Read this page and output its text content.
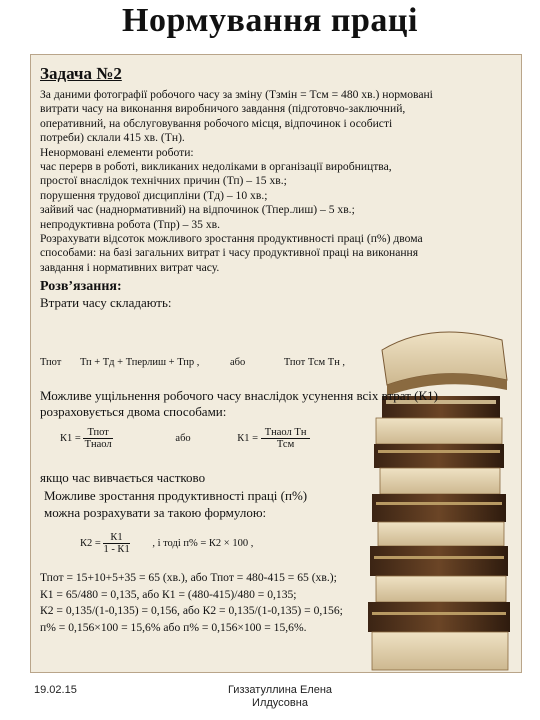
Нормування праці

Задача №2

За даними фотографії робочого часу за зміну (Тзмін = Тсм = 480 хв.) нормовані

витрати часу на виконання виробничого завдання (підготовчо-заключний,

оперативний, на обслуговування робочого місця, відпочинок і особисті

потреби) склали 415 хв. (Тн).

Ненормовані елементи роботи:

час перерв в роботі, викликаних недоліками в організації виробництва,

простої внаслідок технічних причин (Тп) – 15 хв.;

порушення трудової дисципліни (Тд) – 10 хв.;

зайвий час (наднормативний) на відпочинок (Тпер.лиш) – 5 хв.;

непродуктивна робота (Тпр) – 35 хв.

Розрахувати відсоток можливого зростання продуктивності праці (п%) двома

способами: на базі загальних витрат і часу продуктивної праці на виконання

завдання і нормативних витрат часу.

Розв’язання:

Втрати часу складають:

Тпот Тп + Тд + Тперлиш + Тпр ,	або	Тпот Тсм Тн ,
Можливе ущільнення робочого часу внаслідок усунення всіх втрат (К1) розраховується двома способами:
К1 =
Тпот
Тнаол
або	К1 =
Тнаол Тн
Тсм
якщо час вивчається частково
Можливе зростання продуктивності праці (п%)
можна розрахувати за такою формулою:
К2 =
К1
1 - К1
, і тоді п% = К2 × 100 ,
Тпот = 15+10+5+35 = 65 (хв.), або Тпот = 480-415 = 65 (хв.);
К1 = 65/480 = 0,135, або К1 = (480-415)/480 = 0,135;
К2 = 0,135/(1-0,135) = 0,156, або К2 = 0,135/(1-0,135) = 0,156;
п% = 0,156×100 = 15,6% або п% = 0,156×100 = 15,6%.
19.02.15	Гиззатуллина Елена
Илдусовна
